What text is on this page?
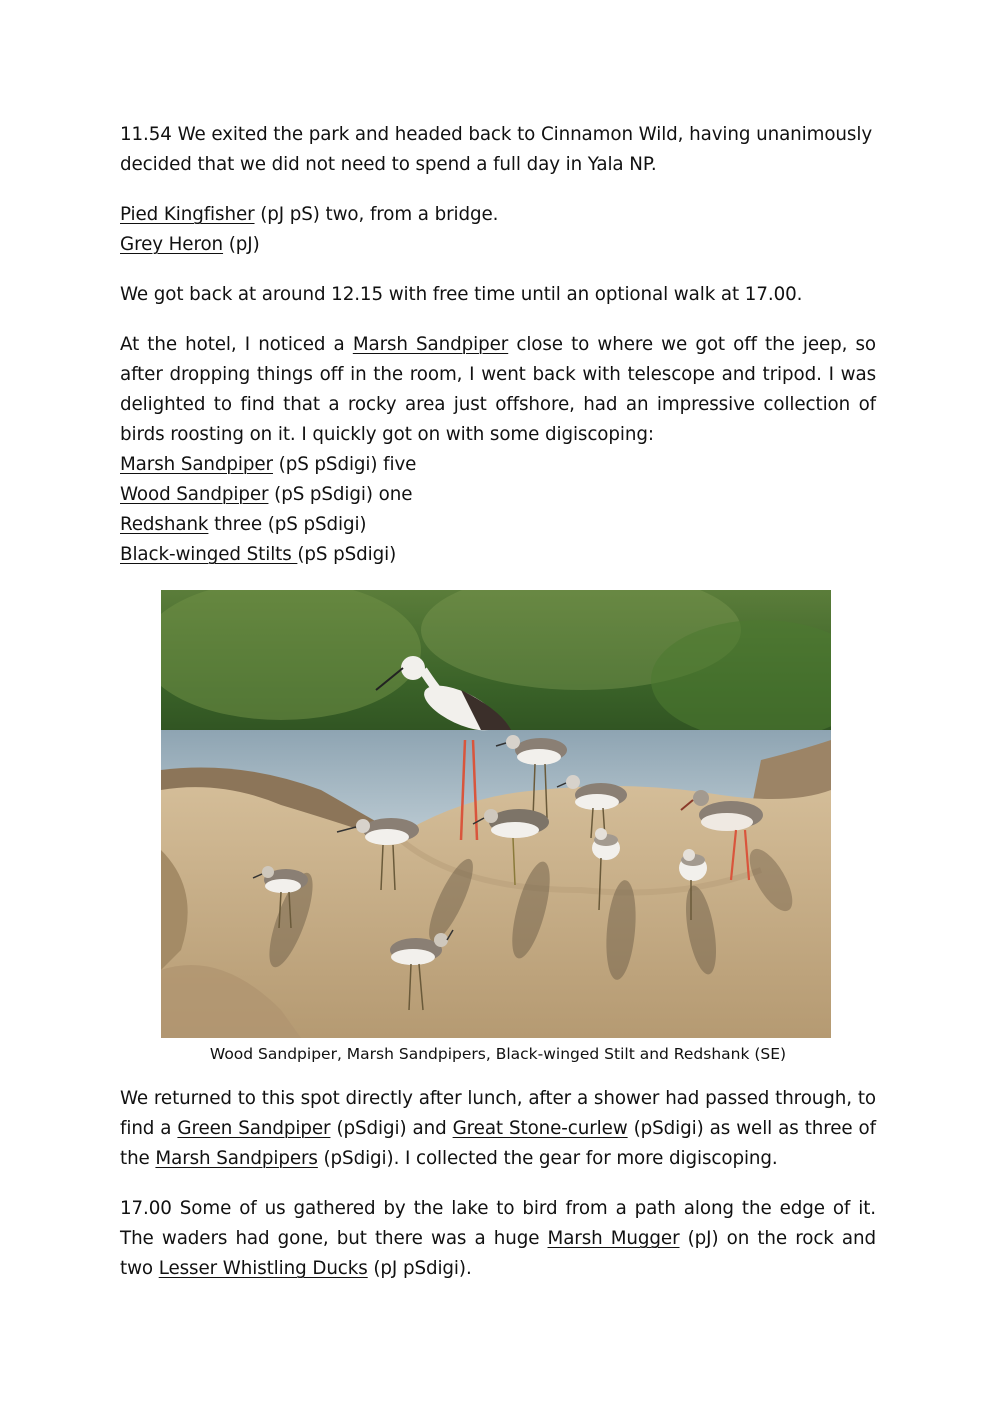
11.54 We exited the park and headed back to Cinnamon Wild, having unanimously decided that we did not need to spend a full day in Yala NP.

Pied Kingfisher (pJ pS) two, from a bridge.
Grey Heron (pJ)

We got back at around 12.15 with free time until an optional walk at 17.00.

At the hotel, I noticed a Marsh Sandpiper close to where we got off the jeep, so after dropping things off in the room, I went back with telescope and tripod. I was delighted to find that a rocky area just offshore, had an impressive collection of birds roosting on it. I quickly got on with some digiscoping:

Marsh Sandpiper (pS pSdigi) five
Wood Sandpiper (pS pSdigi) one
Redshank three (pS pSdigi)
Black-winged Stilts (pS pSdigi)
Wood Sandpiper, Marsh Sandpipers, Black-winged Stilt and Redshank (SE)

We returned to this spot directly after lunch, after a shower had passed through, to find a Green Sandpiper (pSdigi) and Great Stone-curlew (pSdigi) as well as three of the Marsh Sandpipers (pSdigi). I collected the gear for more digiscoping.

17.00 Some of us gathered by the lake to bird from a path along the edge of it. The waders had gone, but there was a huge Marsh Mugger (pJ) on the rock and two Lesser Whistling Ducks (pJ pSdigi).
